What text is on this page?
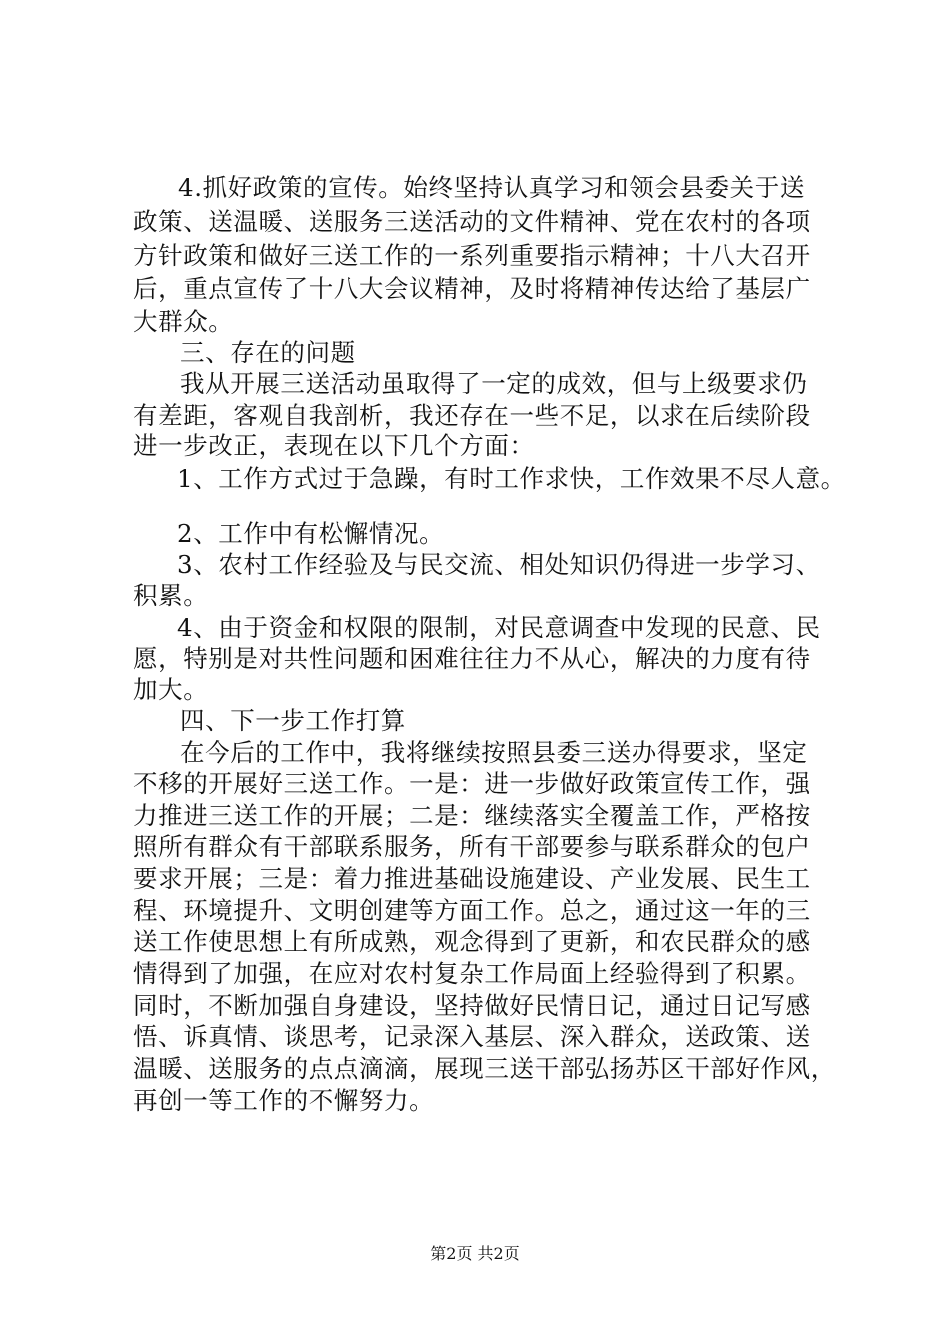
4.抓好政策的宣传。始终坚持认真学习和领会县委关于送
政策、送温暖、送服务三送活动的文件精神、党在农村的各项
方针政策和做好三送工作的一系列重要指示精神；十八大召开
后，重点宣传了十八大会议精神，及时将精神传达给了基层广
大群众。
三、存在的问题
我从开展三送活动虽取得了一定的成效，但与上级要求仍
有差距，客观自我剖析，我还存在一些不足，以求在后续阶段
进一步改正，表现在以下几个方面：
1、工作方式过于急躁，有时工作求快，工作效果不尽人意。
2、工作中有松懈情况。
3、农村工作经验及与民交流、相处知识仍得进一步学习、
积累。
4、由于资金和权限的限制，对民意调查中发现的民意、民
愿，特别是对共性问题和困难往往力不从心，解决的力度有待
加大。
四、下一步工作打算
在今后的工作中，我将继续按照县委三送办得要求，坚定
不移的开展好三送工作。一是：进一步做好政策宣传工作，强
力推进三送工作的开展；二是：继续落实全覆盖工作，严格按
照所有群众有干部联系服务，所有干部要参与联系群众的包户
要求开展；三是：着力推进基础设施建设、产业发展、民生工
程、环境提升、文明创建等方面工作。总之，通过这一年的三
送工作使思想上有所成熟，观念得到了更新，和农民群众的感
情得到了加强，在应对农村复杂工作局面上经验得到了积累。
同时，不断加强自身建设，坚持做好民情日记，通过日记写感
悟、诉真情、谈思考，记录深入基层、深入群众，送政策、送
温暖、送服务的点点滴滴，展现三送干部弘扬苏区干部好作风，
再创一等工作的不懈努力。
第2页 共2页
